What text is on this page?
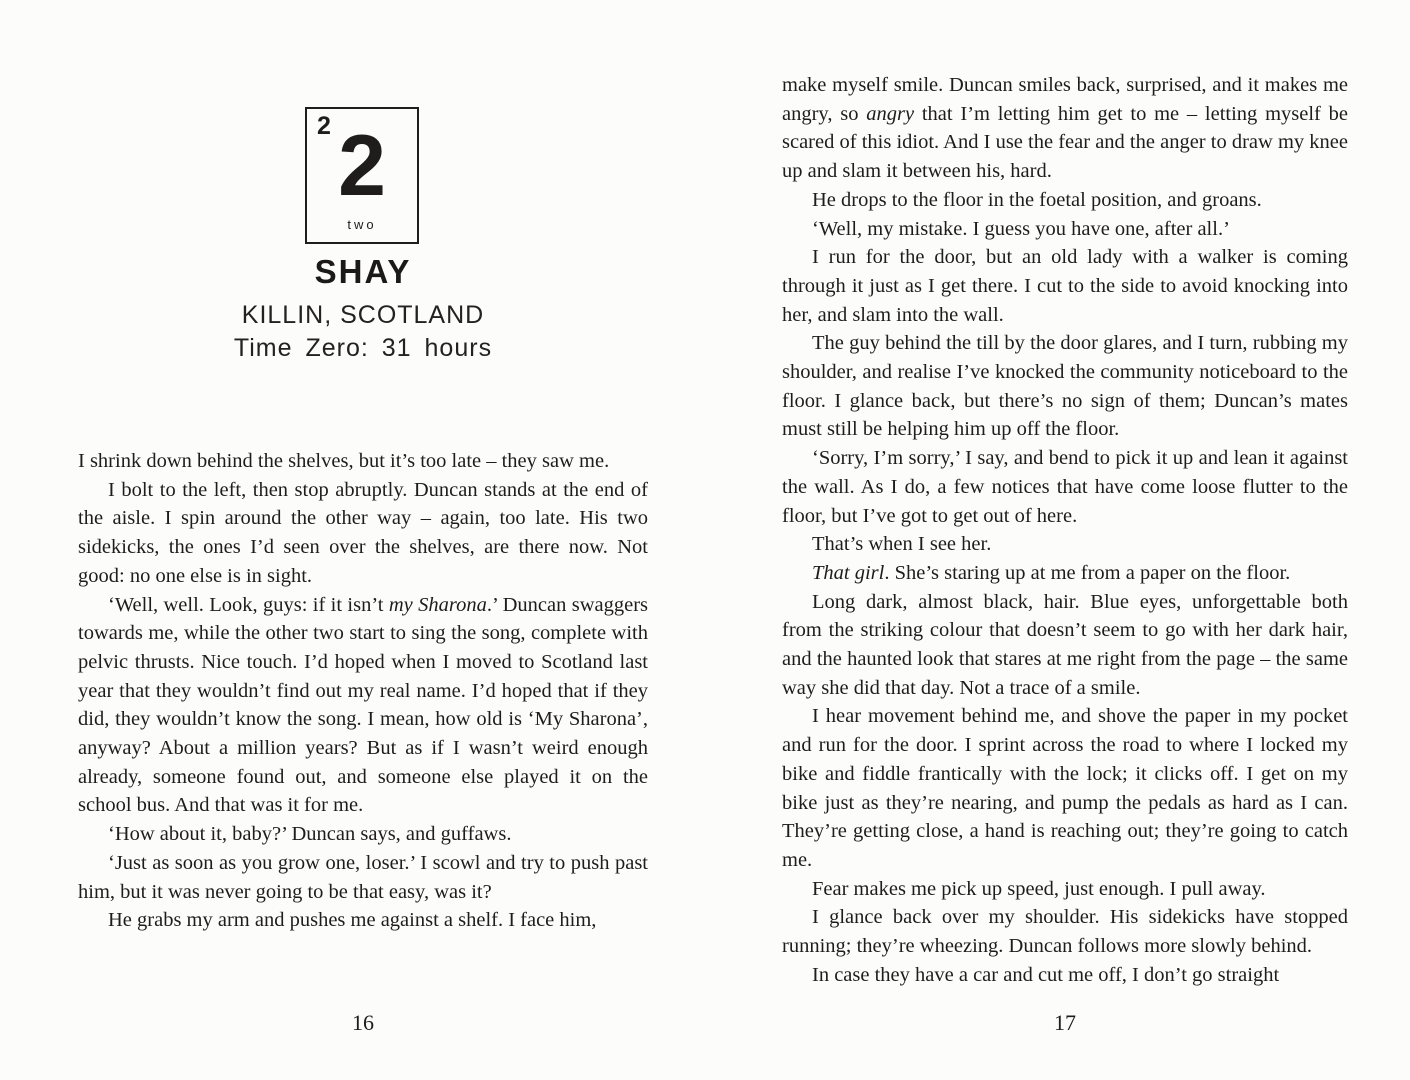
2 2
two
SHAY
KILLIN, SCOTLAND
Time Zero: 31 hours

I shrink down behind the shelves, but it’s too late – they saw me.

I bolt to the left, then stop abruptly. Duncan stands at the end of the aisle. I spin around the other way – again, too late. His two sidekicks, the ones I’d seen over the shelves, are there now. Not good: no one else is in sight.

‘Well, well. Look, guys: if it isn’t my Sharona.’ Duncan swaggers towards me, while the other two start to sing the song, complete with pelvic thrusts. Nice touch. I’d hoped when I moved to Scotland last year that they wouldn’t find out my real name. I’d hoped that if they did, they wouldn’t know the song. I mean, how old is ‘My Sharona’, anyway? About a million years? But as if I wasn’t weird enough already, someone found out, and someone else played it on the school bus. And that was it for me.

‘How about it, baby?’ Duncan says, and guffaws.

‘Just as soon as you grow one, loser.’ I scowl and try to push past him, but it was never going to be that easy, was it?

He grabs my arm and pushes me against a shelf. I face him,

16

make myself smile. Duncan smiles back, surprised, and it makes me angry, so angry that I’m letting him get to me – letting myself be scared of this idiot. And I use the fear and the anger to draw my knee up and slam it between his, hard.

He drops to the floor in the foetal position, and groans.

‘Well, my mistake. I guess you have one, after all.’

I run for the door, but an old lady with a walker is coming through it just as I get there. I cut to the side to avoid knocking into her, and slam into the wall.

The guy behind the till by the door glares, and I turn, rubbing my shoulder, and realise I’ve knocked the community noticeboard to the floor. I glance back, but there’s no sign of them; Duncan’s mates must still be helping him up off the floor.

‘Sorry, I’m sorry,’ I say, and bend to pick it up and lean it against the wall. As I do, a few notices that have come loose flutter to the floor, but I’ve got to get out of here.

That’s when I see her.

That girl. She’s staring up at me from a paper on the floor.

Long dark, almost black, hair. Blue eyes, unforgettable both from the striking colour that doesn’t seem to go with her dark hair, and the haunted look that stares at me right from the page – the same way she did that day. Not a trace of a smile.

I hear movement behind me, and shove the paper in my pocket and run for the door. I sprint across the road to where I locked my bike and fiddle frantically with the lock; it clicks off. I get on my bike just as they’re nearing, and pump the pedals as hard as I can. They’re getting close, a hand is reaching out; they’re going to catch me.

Fear makes me pick up speed, just enough. I pull away.

I glance back over my shoulder. His sidekicks have stopped running; they’re wheezing. Duncan follows more slowly behind.

In case they have a car and cut me off, I don’t go straight

17
